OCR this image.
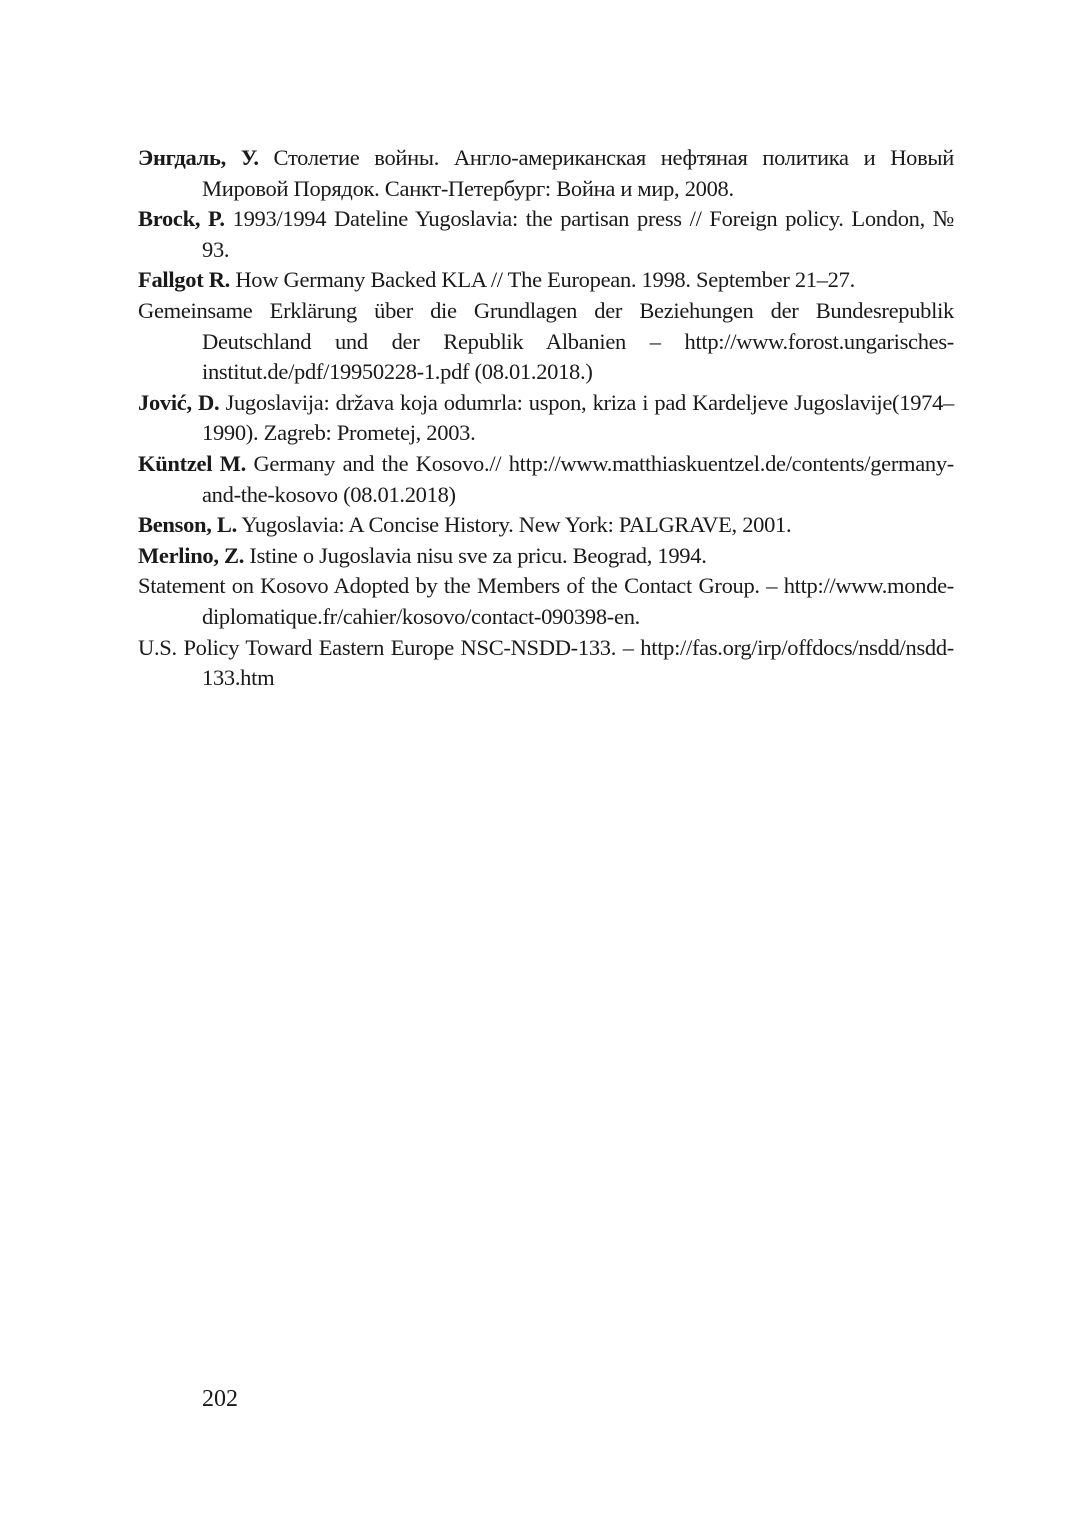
Энгдаль, У. Столетие войны. Англо-американская нефтяная политика и Новый Мировой Порядок. Санкт-Петербург: Война и мир, 2008.

Brock, P. 1993/1994 Dateline Yugoslavia: the partisan press // Foreign policy. London, № 93.

Fallgot R. How Germany Backed KLA // The European. 1998. September 21–27.

Gemeinsame Erklärung über die Grundlagen der Beziehungen der Bundesrepublik Deutschland und der Republik Albanien – http://www.forost.ungarisches-institut.de/pdf/19950228-1.pdf (08.01.2018.)

Jović, D. Jugoslavija: država koja odumrla: uspon, kriza i pad Kardeljeve Jugoslavije(1974–1990). Zagreb: Prometej, 2003.

Küntzel M. Germany and the Kosovo.// http://www.matthiaskuentzel.de/contents/germany-and-the-kosovo (08.01.2018)

Benson, L. Yugoslavia: A Concise History. New York: PALGRAVE, 2001.

Merlino, Z. Istine o Jugoslavia nisu sve za pricu. Beograd, 1994.

Statement on Kosovo Adopted by the Members of the Contact Group. – http://www.monde-diplomatique.fr/cahier/kosovo/contact-090398-en.

U.S. Policy Toward Eastern Europe NSC-NSDD-133. – http://fas.org/irp/offdocs/nsdd/nsdd-133.htm

202
